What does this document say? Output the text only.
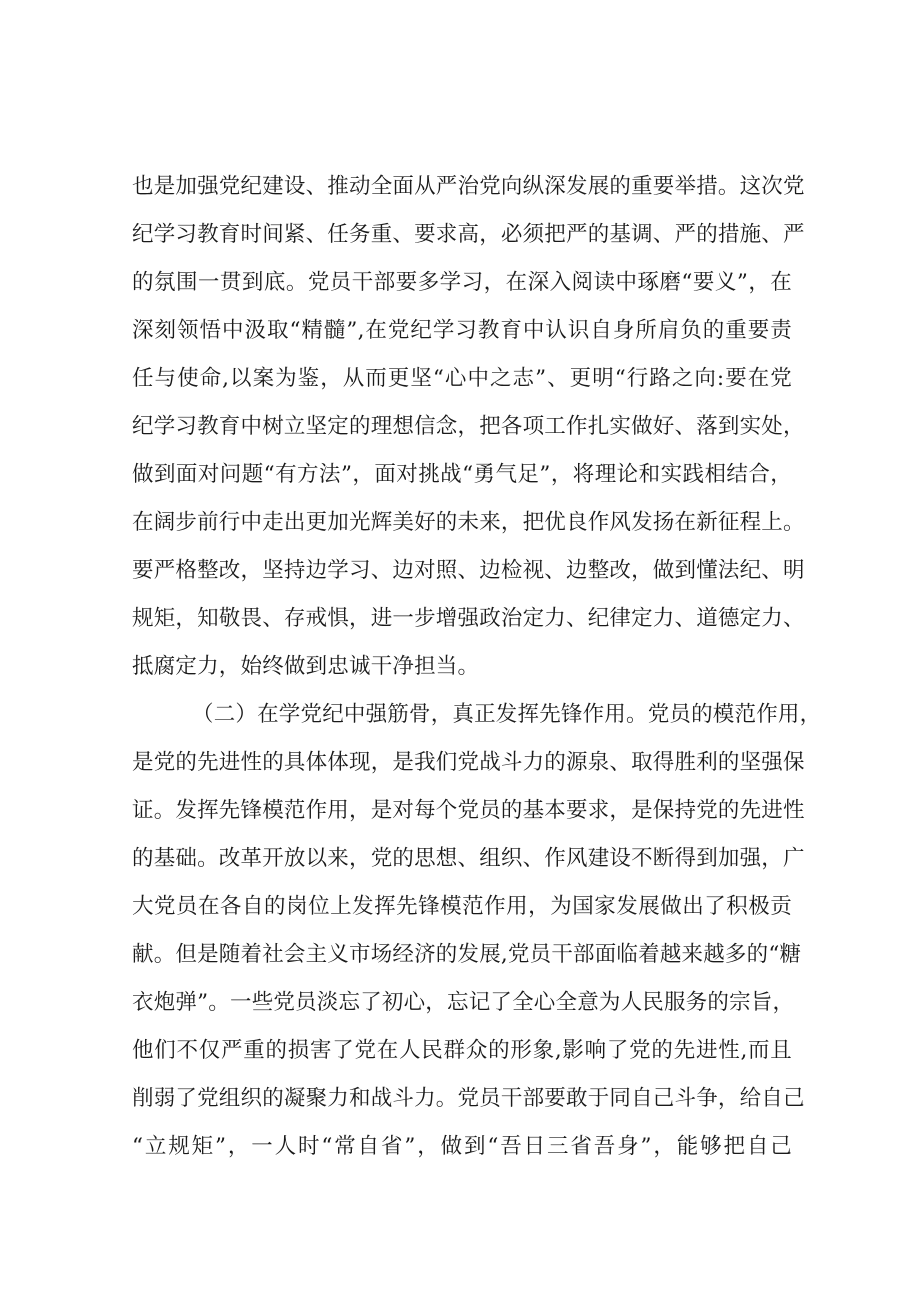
也是加强党纪建设、推动全面从严治党向纵深发展的重要举措。这次党
纪学习教育时间紧、任务重、要求高，必须把严的基调、严的措施、严
的氛围一贯到底。党员干部要多学习，在深入阅读中琢磨“要义”，在
深刻领悟中汲取“精髓”,在党纪学习教育中认识自身所肩负的重要责
任与使命,以案为鉴，从而更坚“心中之志”、更明“行路之向:要在党
纪学习教育中树立坚定的理想信念，把各项工作扎实做好、落到实处，
做到面对问题“有方法”，面对挑战“勇气足”，将理论和实践相结合，
在阔步前行中走出更加光辉美好的未来，把优良作风发扬在新征程上。
要严格整改，坚持边学习、边对照、边检视、边整改，做到懂法纪、明
规矩，知敬畏、存戒惧，进一步增强政治定力、纪律定力、道德定力、
抵腐定力，始终做到忠诚干净担当。
（二）在学党纪中强筋骨，真正发挥先锋作用。党员的模范作用，
是党的先进性的具体体现，是我们党战斗力的源泉、取得胜利的坚强保
证。发挥先锋模范作用，是对每个党员的基本要求，是保持党的先进性
的基础。改革开放以来，党的思想、组织、作风建设不断得到加强，广
大党员在各自的岗位上发挥先锋模范作用，为国家发展做出了积极贡
献。但是随着社会主义市场经济的发展,党员干部面临着越来越多的“糖
衣炮弹”。一些党员淡忘了初心，忘记了全心全意为人民服务的宗旨，
他们不仅严重的损害了党在人民群众的形象,影响了党的先进性,而且
削弱了党组织的凝聚力和战斗力。党员干部要敢于同自己斗争，给自己
“立规矩”，一人时“常自省”，做到“吾日三省吾身”，能够把自己
